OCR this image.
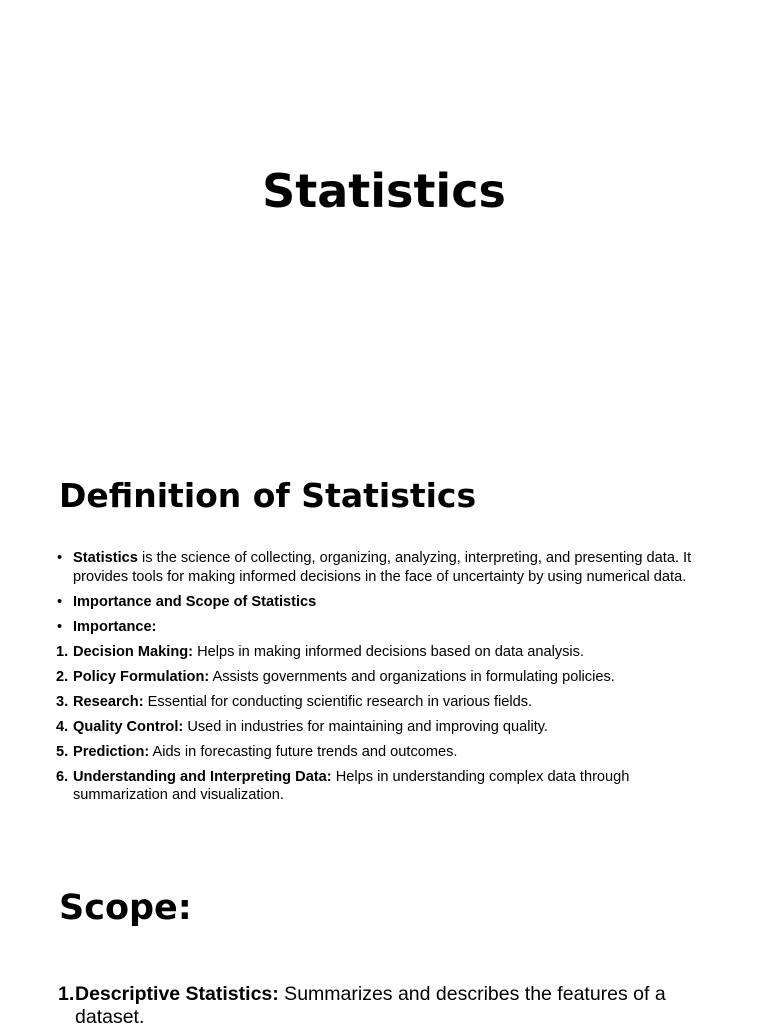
Statistics
Definition of Statistics
• Statistics is the science of collecting, organizing, analyzing, interpreting, and presenting data. It provides tools for making informed decisions in the face of uncertainty by using numerical data.
• Importance and Scope of Statistics
• Importance:
1. Decision Making: Helps in making informed decisions based on data analysis.
2. Policy Formulation: Assists governments and organizations in formulating policies.
3. Research: Essential for conducting scientific research in various fields.
4. Quality Control: Used in industries for maintaining and improving quality.
5. Prediction: Aids in forecasting future trends and outcomes.
6. Understanding and Interpreting Data: Helps in understanding complex data through summarization and visualization.
Scope:
1. Descriptive Statistics: Summarizes and describes the features of a dataset.
